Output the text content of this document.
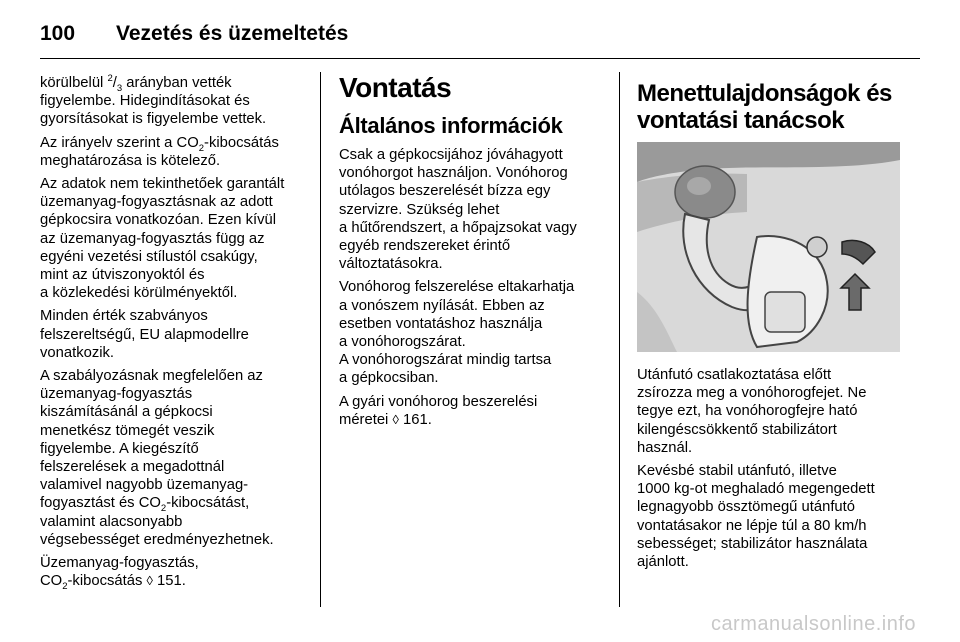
100	Vezetés és üzemeltetés

körülbelül $^2/_3$ arányban vették
figyelembe. Hidegindításokat és
gyorsításokat is figyelembe vettek.

Az irányelv szerint a $CO_2$-kibocsátás
meghatározása is kötelező.

Az adatok nem tekinthetőek garantált
üzemanyag-fogyasztásnak az adott
gépkocsira vonatkozóan. Ezen kívül
az üzemanyag-fogyasztás függ az
egyéni vezetési stílustól csakúgy,
mint az útviszonyoktól és
a közlekedési körülményektől.

Minden érték szabványos
felszereltségű, EU alapmodellre
vonatkozik.

A szabályozásnak megfelelően az
üzemanyag-fogyasztás
kiszámításánál a gépkocsi
menetkész tömegét veszik
figyelembe. A kiegészítő
felszerelések a megadottnál
valamivel nagyobb üzemanyag-
fogyasztást és $CO_2$-kibocsátást,
valamint alacsonyabb
végsebességet eredményezhetnek.

Üzemanyag-fogyasztás,
$CO_2$-kibocsátás ◊ 151.

Vontatás
Általános információk

Csak a gépkocsijához jóváhagyott
vonóhorgot használjon. Vonóhorog
utólagos beszerelését bízza egy
szervizre. Szükség lehet
a hűtőrendszert, a hőpajzsokat vagy
egyéb rendszereket érintő
változtatásokra.

Vonóhorog felszerelése eltakarhatja
a vonószem nyílását. Ebben az
esetben vontatáshoz használja
a vonóhorogszárat.
A vonóhorogszárat mindig tartsa
a gépkocsiban.

A gyári vonóhorog beszerelési
méretei ◊ 161.

Menettulajdonságok és
vontatási tanácsok

Utánfutó csatlakoztatása előtt
zsírozza meg a vonóhorogfejet. Ne
tegye ezt, ha vonóhorogfejre ható
kilengéscsökkentő stabilizátort
használ.

Kevésbé stabil utánfutó, illetve
1000 kg-ot meghaladó megengedett
legnagyobb össztömegű utánfutó
vontatásakor ne lépje túl a 80 km/h
sebességet; stabilizátor használata
ajánlott.

carmanualsonline.info
